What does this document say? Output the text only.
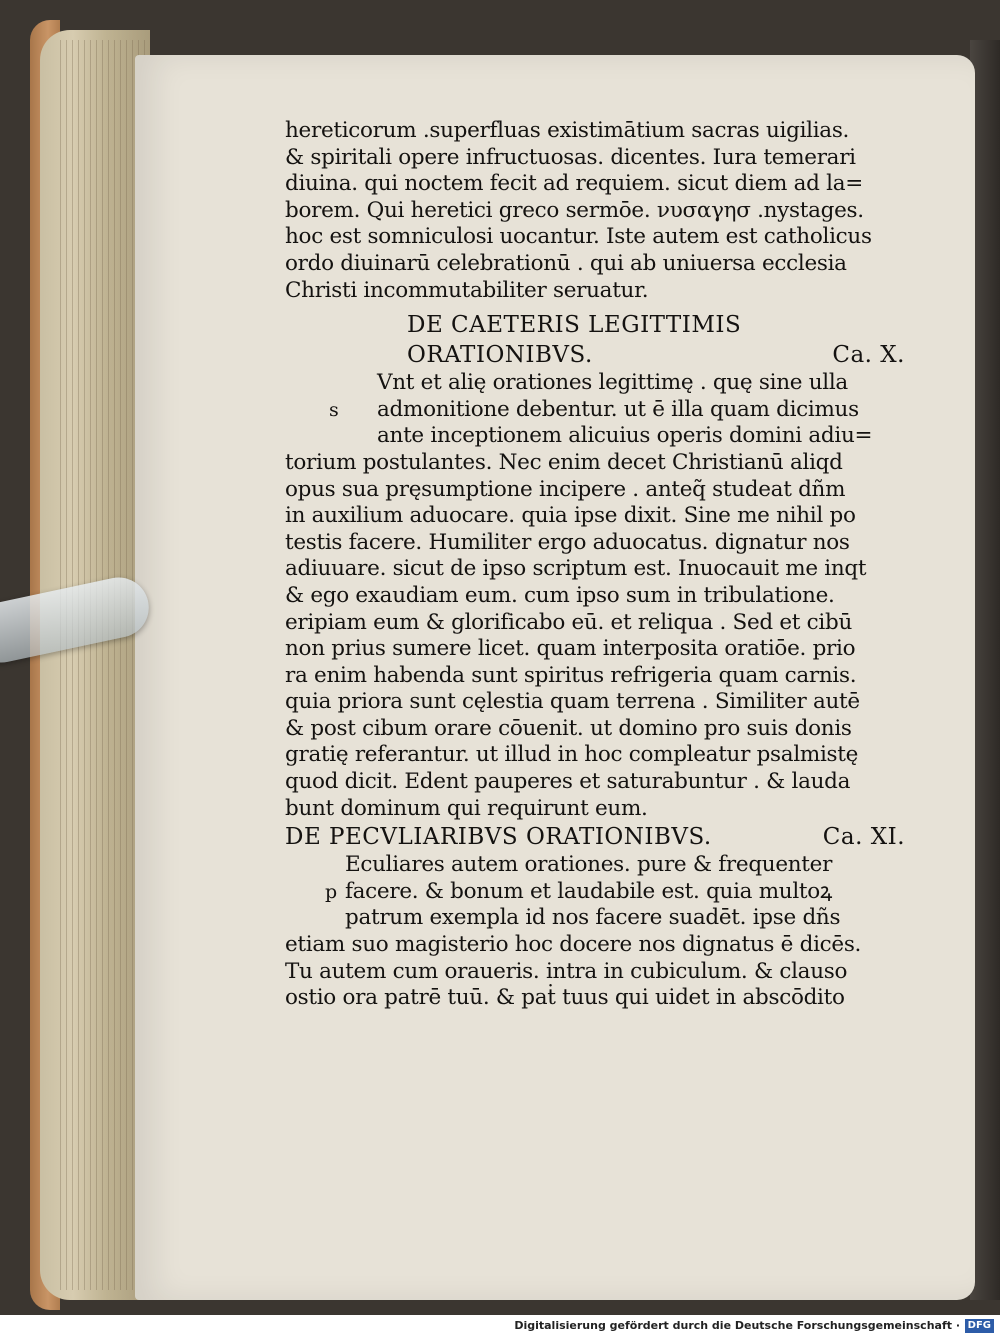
hereticorum .superfluas existimātium sacras uigilias.
& spiritali opere infructuosas. dicentes. Iura temerari
diuina. qui noctem fecit ad requiem. sicut diem ad la=
borem. Qui heretici greco sermōe. νυσαγησ .nystages.
hoc est somniculosi uocantur. Iste autem est catholicus
ordo diuinarū celebrationū . qui ab uniuersa ecclesia
Christi incommutabiliter seruatur.
DE CAETERIS LEGITTIMIS
ORATIONIBVS.	Ca. X.
Vnt et alię orationes legittimę . quę sine ulla
s admonitione debentur. ut ē illa quam dicimus
ante inceptionem alicuius operis domini adiu=
torium postulantes. Nec enim decet Christianū aliqd
opus sua pręsumptione incipere . anteq̃ studeat dñm
in auxilium aduocare. quia ipse dixit. Sine me nihil po
testis facere. Humiliter ergo aduocatus. dignatur nos
adiuuare. sicut de ipso scriptum est. Inuocauit me inqt
& ego exaudiam eum. cum ipso sum in tribulatione.
eripiam eum & glorificabo eū. et reliqua . Sed et cibū
non prius sumere licet. quam interposita oratiōe. prio
ra enim habenda sunt spiritus refrigeria quam carnis.
quia priora sunt cęlestia quam terrena . Similiter autē
& post cibum orare cōuenit. ut domino pro suis donis
gratię referantur. ut illud in hoc compleatur psalmistę
quod dicit. Edent pauperes et saturabuntur . & lauda
bunt dominum qui requirunt eum.
DE PECVLIARIBVS ORATIONIBVS.	Ca. XI.
Eculiares autem orationes. pure & frequenter
p facere. & bonum et laudabile est. quia multoꝝ
patrum exempla id nos facere suadēt. ipse dñs
etiam suo magisterio hoc docere nos dignatus ē dicēs.
Tu autem cum oraueris. intra in cubiculum. & clauso
ostio ora patrē tuū. & paṫ tuus qui uidet in abscōdito
Digitalisierung gefördert durch die Deutsche Forschungsgemeinschaft · DFG
